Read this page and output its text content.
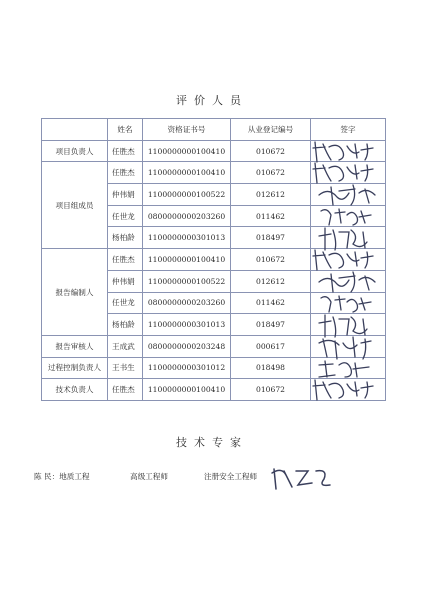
评价人员
	姓名	资格证书号	从业登记编号	签字
项目负责人	任胜杰	1100000000100410	010672	

项目组成员	任胜杰	1100000000100410	010672	

	仲伟娟	1100000000100522	012612	

	任世龙	0800000000203260	011462	

	杨柏龄	1100000000301013	018497	

报告编制人	任胜杰	1100000000100410	010672	

	仲伟娟	1100000000100522	012612	

	任世龙	0800000000203260	011462	

	杨柏龄	1100000000301013	018497	

报告审核人	王成武	0800000000203248	000617	

过程控制负责人	王书生	1100000000301012	018498	

技术负责人	任胜杰	1100000000100410	010672	
技术专家
陈 民：地质工程	高级工程师	注册安全工程师
